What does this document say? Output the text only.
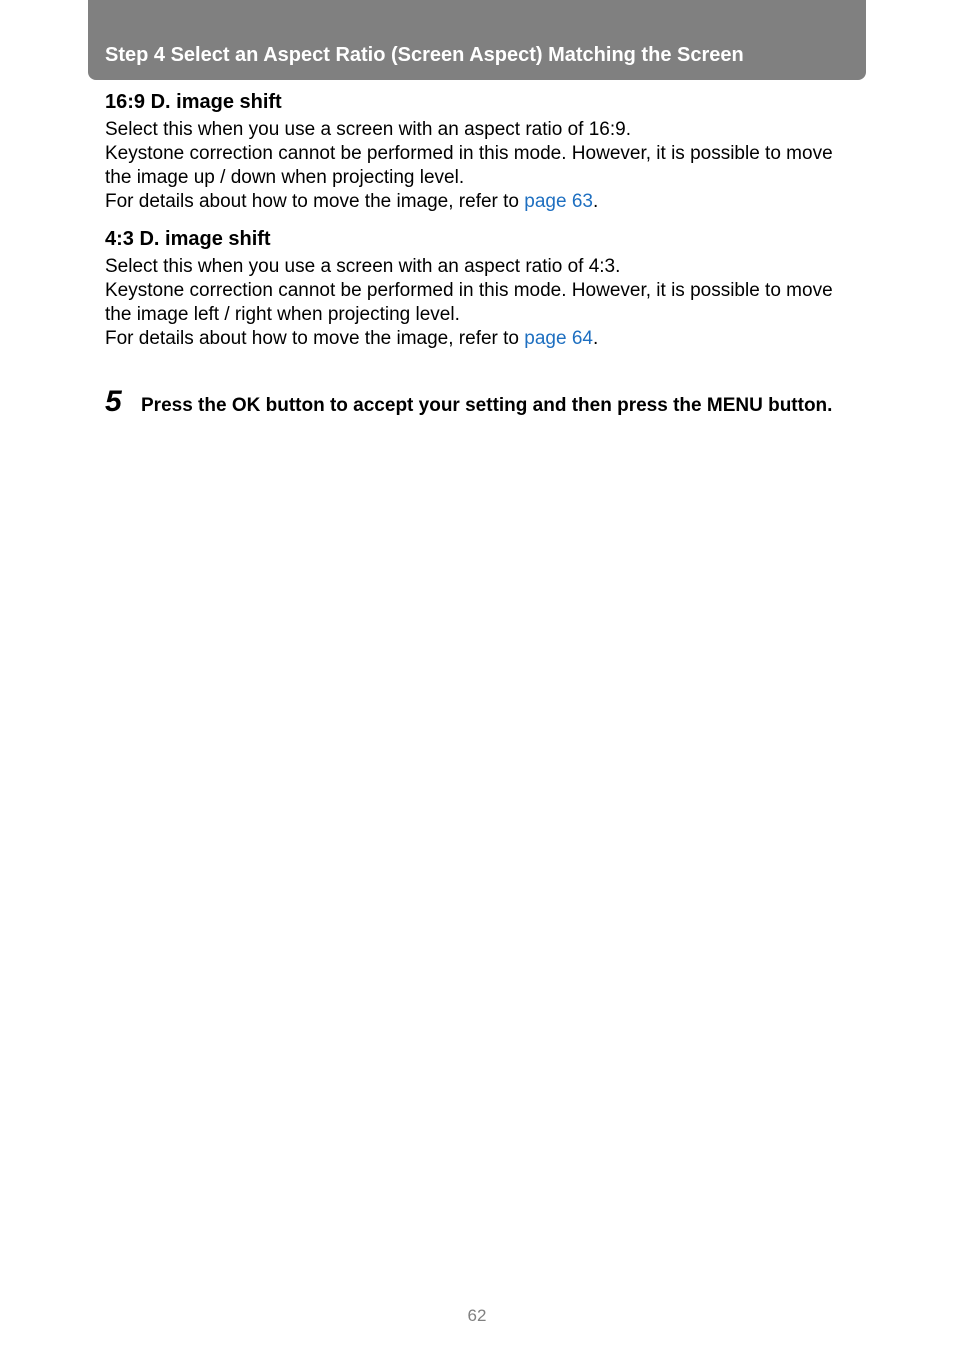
Step 4 Select an Aspect Ratio (Screen Aspect) Matching the Screen
16:9 D. image shift

Select this when you use a screen with an aspect ratio of 16:9.

Keystone correction cannot be performed in this mode. However, it is possible to move the image up / down when projecting level.

For details about how to move the image, refer to page 63.

4:3 D. image shift

Select this when you use a screen with an aspect ratio of 4:3.

Keystone correction cannot be performed in this mode. However, it is possible to move the image left / right when projecting level.

For details about how to move the image, refer to page 64.

5 Press the OK button to accept your setting and then press the MENU button.
62
